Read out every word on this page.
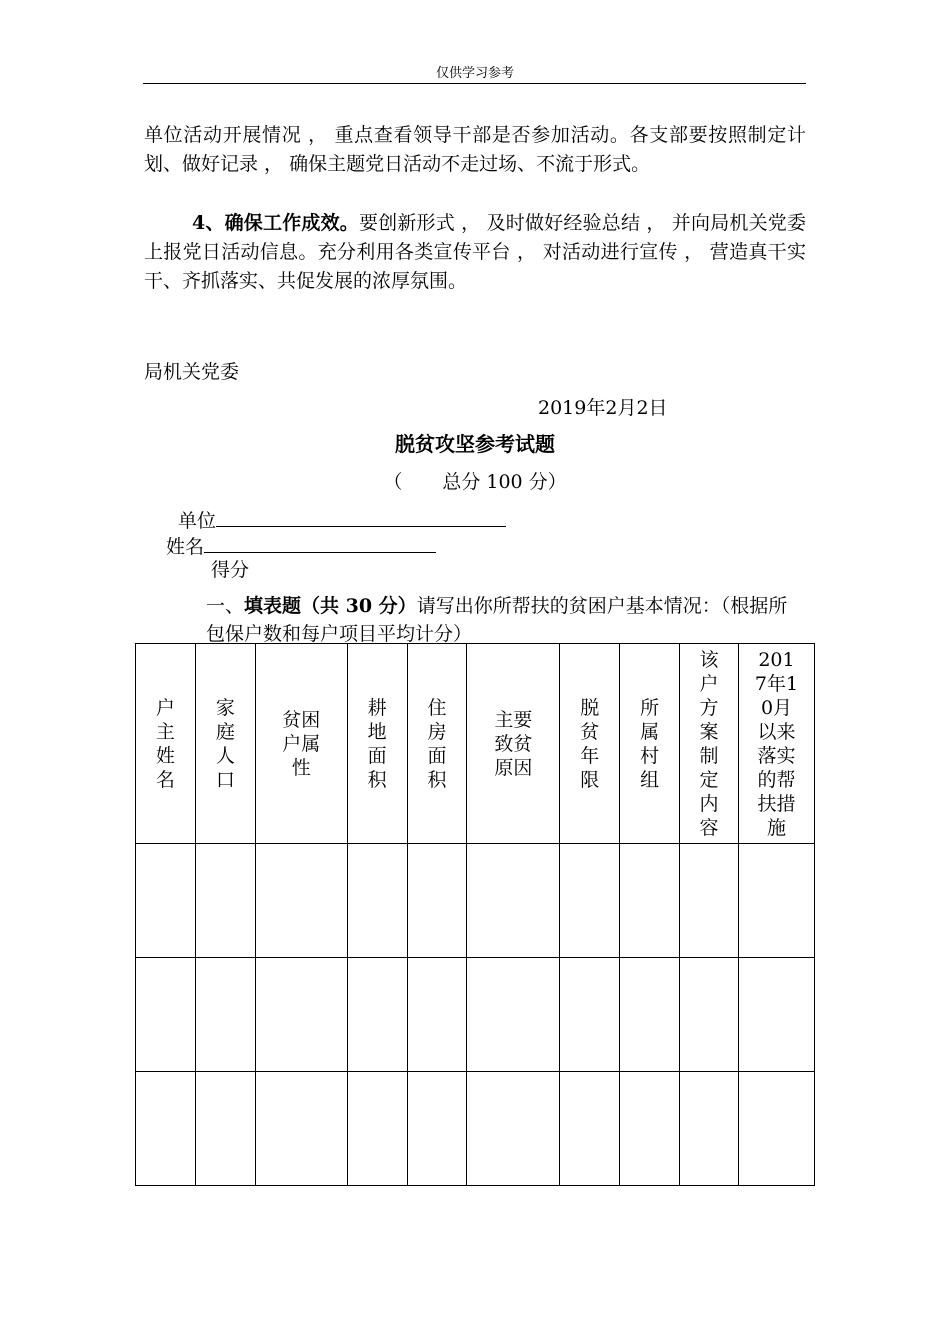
仅供学习参考

单位活动开展情况 ， 重点查看领导干部是否参加活动。各支部要按照制定计划、做好记录 ， 确保主题党日活动不走过场、不流于形式。

4、确保工作成效。要创新形式 ， 及时做好经验总结 ， 并向局机关党委上报党日活动信息。充分利用各类宣传平台 ， 对活动进行宣传 ， 营造真干实干、齐抓落实、共促发展的浓厚氛围。

局机关党委
2019年2月2日
脱贫攻坚参考试题
（ 总分 100 分）
单位
姓名
得分

一、填表题（共 30 分）请写出你所帮扶的贫困户基本情况：（根据所包保户数和每户项目平均计分）

户主姓名	家庭人口	贫困户属性	耕地面积	住房面积	主要致贫原因	脱贫年限	所属村组	该户方案制定内容	2017年10月以来落实的帮扶措施
